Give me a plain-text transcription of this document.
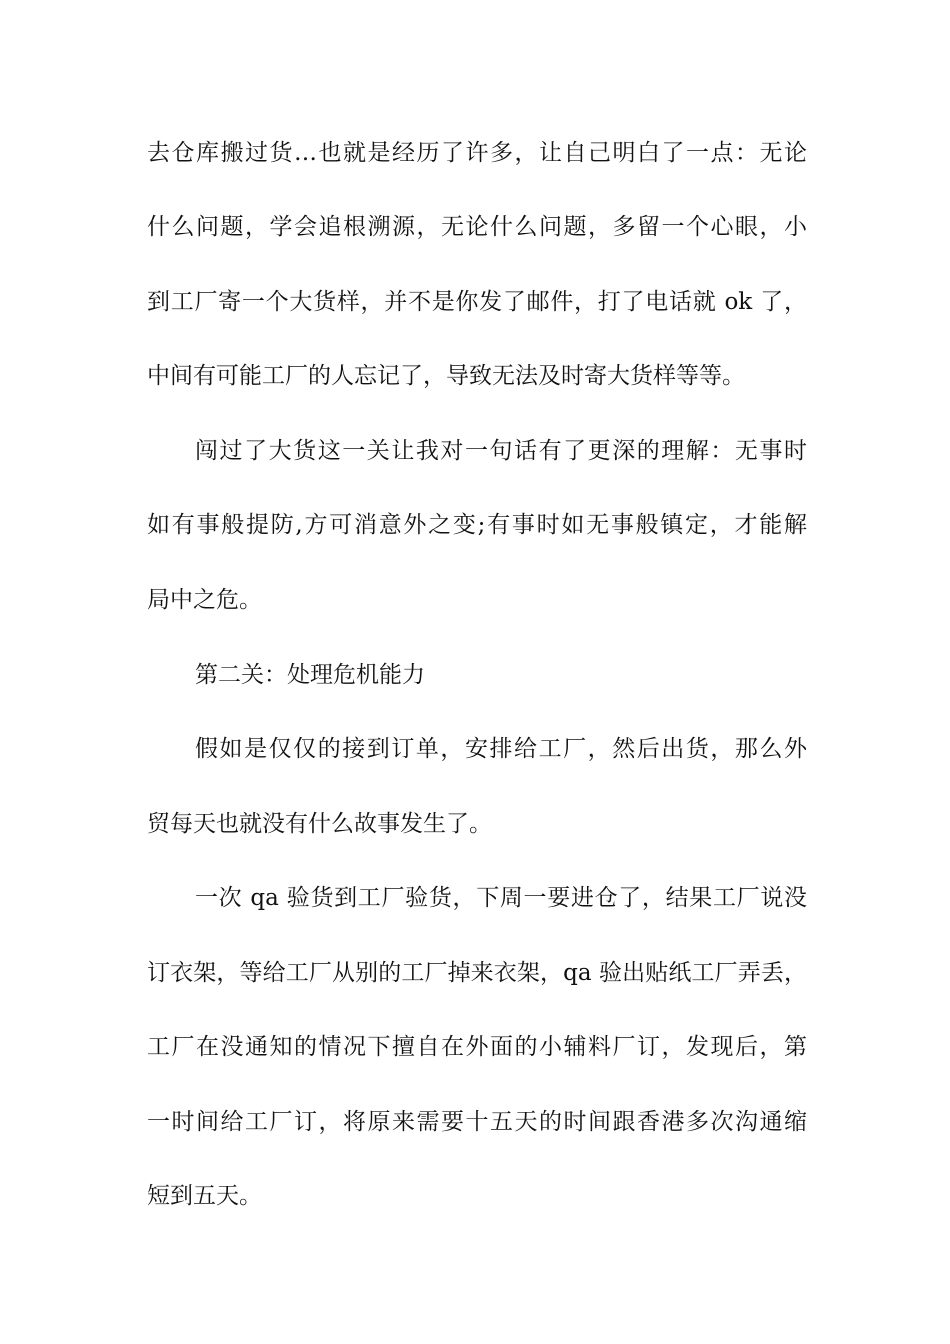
去仓库搬过货…也就是经历了许多，让自己明白了一点：无论
什么问题，学会追根溯源，无论什么问题，多留一个心眼，小
到工厂寄一个大货样，并不是你发了邮件，打了电话就 ok 了，
中间有可能工厂的人忘记了，导致无法及时寄大货样等等。
闯过了大货这一关让我对一句话有了更深的理解：无事时
如有事般提防,方可消意外之变;有事时如无事般镇定，才能解
局中之危。
第二关：处理危机能力
假如是仅仅的接到订单，安排给工厂，然后出货，那么外
贸每天也就没有什么故事发生了。
一次 qa 验货到工厂验货，下周一要进仓了，结果工厂说没
订衣架，等给工厂从别的工厂掉来衣架，qa 验出贴纸工厂弄丢，
工厂在没通知的情况下擅自在外面的小辅料厂订，发现后，第
一时间给工厂订，将原来需要十五天的时间跟香港多次沟通缩
短到五天。
